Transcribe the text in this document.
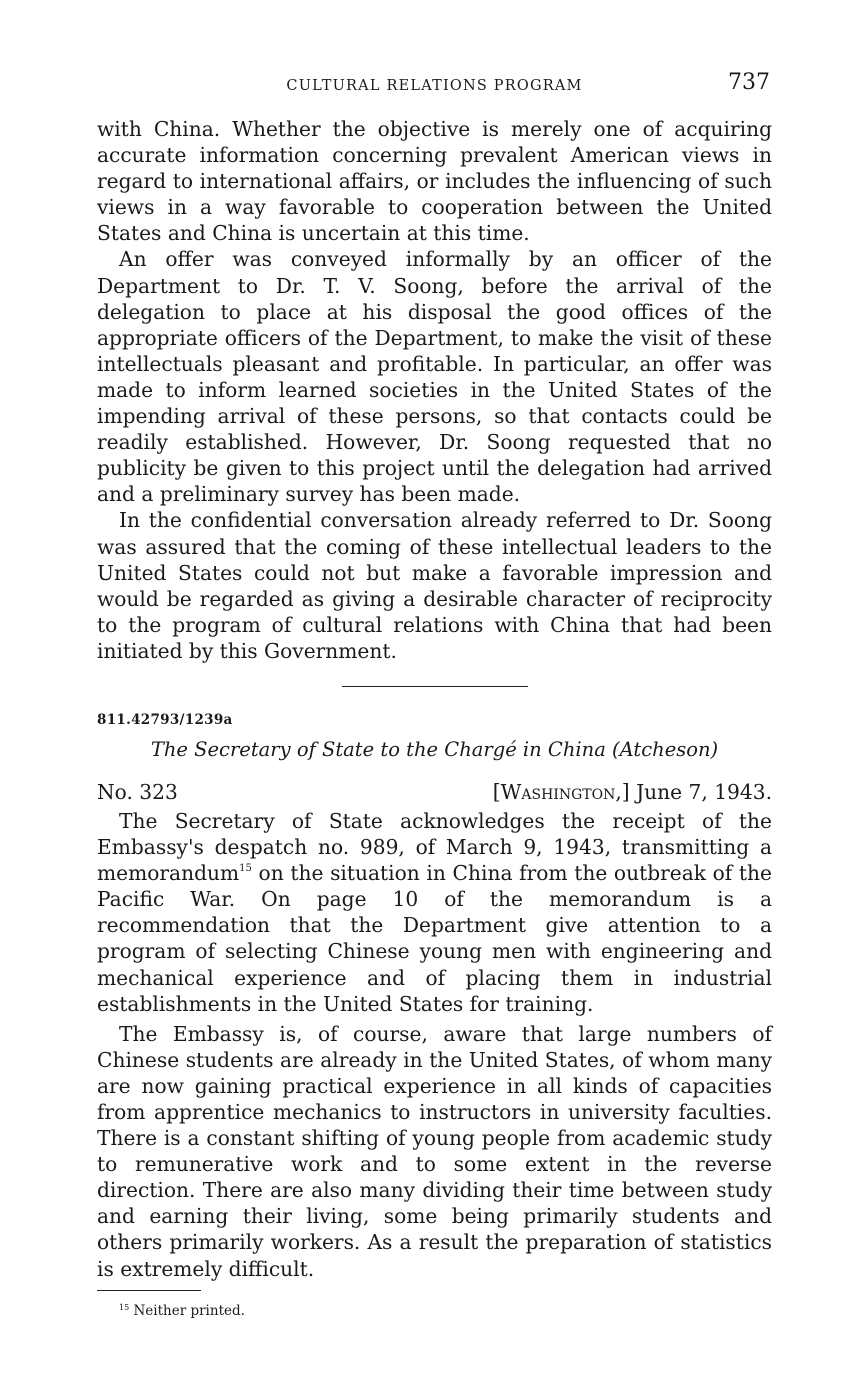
CULTURAL RELATIONS PROGRAM	737

with China. Whether the objective is merely one of acquiring accurate information concerning prevalent American views in regard to international affairs, or includes the influencing of such views in a way favorable to cooperation between the United States and China is uncertain at this time.

An offer was conveyed informally by an officer of the Department to Dr. T. V. Soong, before the arrival of the delegation to place at his disposal the good offices of the appropriate officers of the Department, to make the visit of these intellectuals pleasant and profitable. In particular, an offer was made to inform learned societies in the United States of the impending arrival of these persons, so that contacts could be readily established. However, Dr. Soong requested that no publicity be given to this project until the delegation had arrived and a preliminary survey has been made.

In the confidential conversation already referred to Dr. Soong was assured that the coming of these intellectual leaders to the United States could not but make a favorable impression and would be regarded as giving a desirable character of reciprocity to the program of cultural relations with China that had been initiated by this Government.

811.42793/1239a
The Secretary of State to the Chargé in China (Atcheson)
No. 323	[Washington,] June 7, 1943.

The Secretary of State acknowledges the receipt of the Embassy's despatch no. 989, of March 9, 1943, transmitting a memorandum$^{15}$ on the situation in China from the outbreak of the Pacific War. On page 10 of the memorandum is a recommendation that the Department give attention to a program of selecting Chinese young men with engineering and mechanical experience and of placing them in industrial establishments in the United States for training.

The Embassy is, of course, aware that large numbers of Chinese students are already in the United States, of whom many are now gaining practical experience in all kinds of capacities from apprentice mechanics to instructors in university faculties. There is a constant shifting of young people from academic study to remunerative work and to some extent in the reverse direction. There are also many dividing their time between study and earning their living, some being primarily students and others primarily workers. As a result the preparation of statistics is extremely difficult.

$^{15}$ Neither printed.
